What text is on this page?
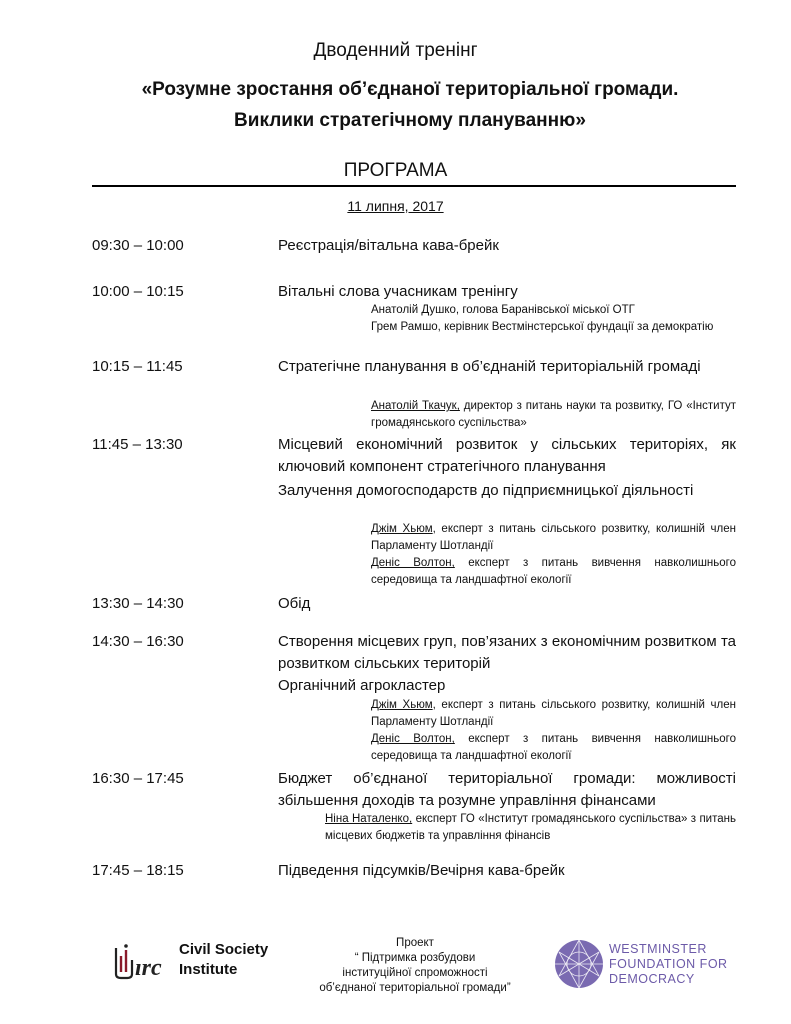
Дводенний тренінг
«Розумне зростання об’єднаної територіальної громади.
Виклики стратегічному плануванню»
ПРОГРАМА
11 липня, 2017
09:30 – 10:00	Реєстрація/вітальна кава-брейк

10:00 – 10:15	Вітальні слова учасникам тренінгу

Анатолій Душко, голова Баранівської міської ОТГ

Грем Рамшо, керівник Вестмінстерської фундації за демократію

10:15 – 11:45	Стратегічне планування в об’єднаній територіальній громаді

Анатолій Ткачук, директор з питань науки та розвитку, ГО «Інститут громадянського суспільства»

11:45 – 13:30	Місцевий економічний розвиток у сільських територіях, як ключовий компонент стратегічного планування

Залучення домогосподарств до підприємницької діяльності

Джім Хьюм, експерт з питань сільського розвитку, колишній член Парламенту Шотландії

Деніс Волтон, експерт з питань вивчення навколишнього середовища та ландшафтної екології

13:30 – 14:30	Обід

14:30 – 16:30	Створення місцевих груп, пов’язаних з економічним розвитком та розвитком сільських територій

Органічний агрокластер

Джім Хьюм, експерт з питань сільського розвитку, колишній член Парламенту Шотландії

Деніс Волтон, експерт з питань вивчення навколишнього середовища та ландшафтної екології

16:30 – 17:45	Бюджет об’єднаної територіальної громади: можливості збільшення доходів та розумне управління фінансами

Ніна Наталенко, експерт ГО «Інститут громадянського суспільства» з питань місцевих бюджетів та управління фінансів

17:45 – 18:15	Підведення підсумків/Вечірня кава-брейк

ırc
Civil Society
Institute

Проект

“ Підтримка розбудови

інституційної спроможності

об’єднаної територіальної громади”

WESTMINSTER
FOUNDATION FOR
DEMOCRACY
